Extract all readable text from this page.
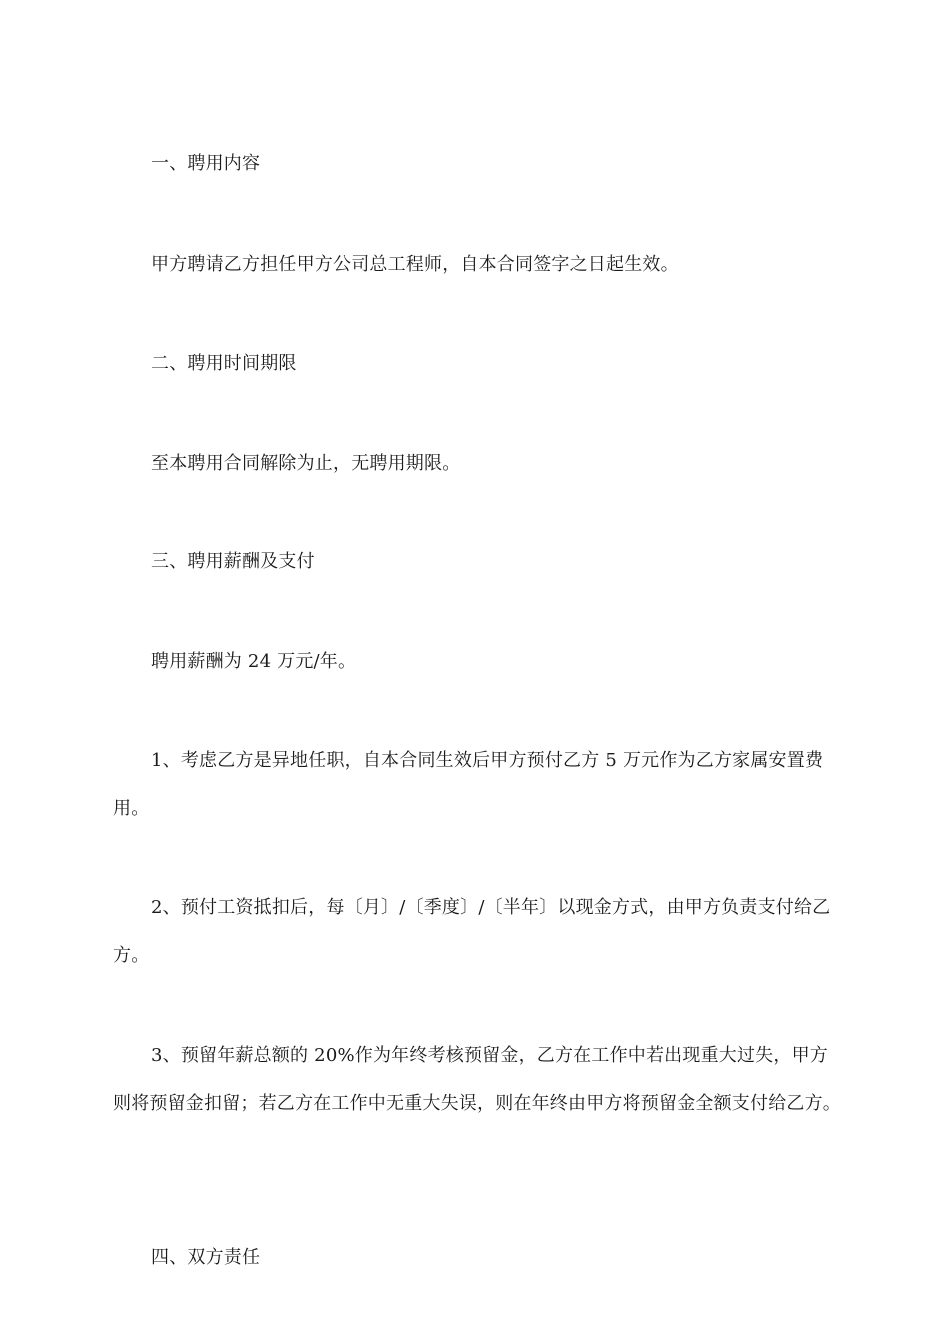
一、聘用内容

甲方聘请乙方担任甲方公司总工程师，自本合同签字之日起生效。

二、聘用时间期限

至本聘用合同解除为止，无聘用期限。

三、聘用薪酬及支付

聘用薪酬为 24 万元/年。

1、考虑乙方是异地任职，自本合同生效后甲方预付乙方 5 万元作为乙方家属安置费用。

2、预付工资抵扣后，每〔月〕/〔季度〕/〔半年〕以现金方式，由甲方负责支付给乙方。

3、预留年薪总额的 20%作为年终考核预留金，乙方在工作中若出现重大过失，甲方则将预留金扣留；若乙方在工作中无重大失误，则在年终由甲方将预留金全额支付给乙方。

四、双方责任
